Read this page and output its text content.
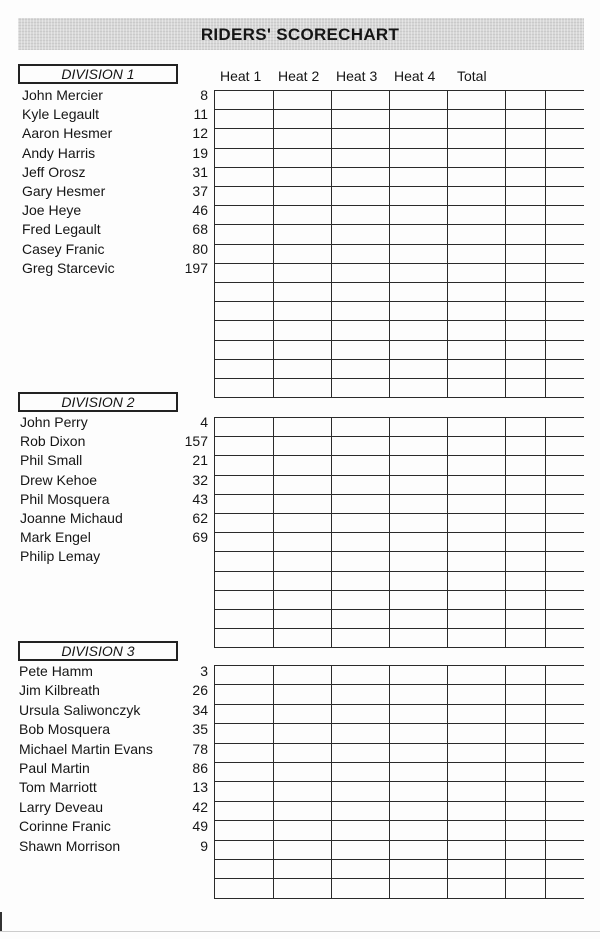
RIDERS' SCORECHART
Heat 1 Heat 2 Heat 3 Heat 4 Total
DIVISION 1
DIVISION 2
DIVISION 3
John Mercier	8
Kyle Legault	11
Aaron Hesmer	12
Andy Harris	19
Jeff Orosz	31
Gary Hesmer	37
Joe Heye	46
Fred Legault	68
Casey Franic	80
Greg Starcevic	197
John Perry	4
Rob Dixon	157
Phil Small	21
Drew Kehoe	32
Phil Mosquera	43
Joanne Michaud	62
Mark Engel	69
Philip Lemay
Pete Hamm	3
Jim Kilbreath	26
Ursula Saliwonczyk	34
Bob Mosquera	35
Michael Martin Evans	78
Paul Martin	86
Tom Marriott	13
Larry Deveau	42
Corinne Franic	49
Shawn Morrison	9
